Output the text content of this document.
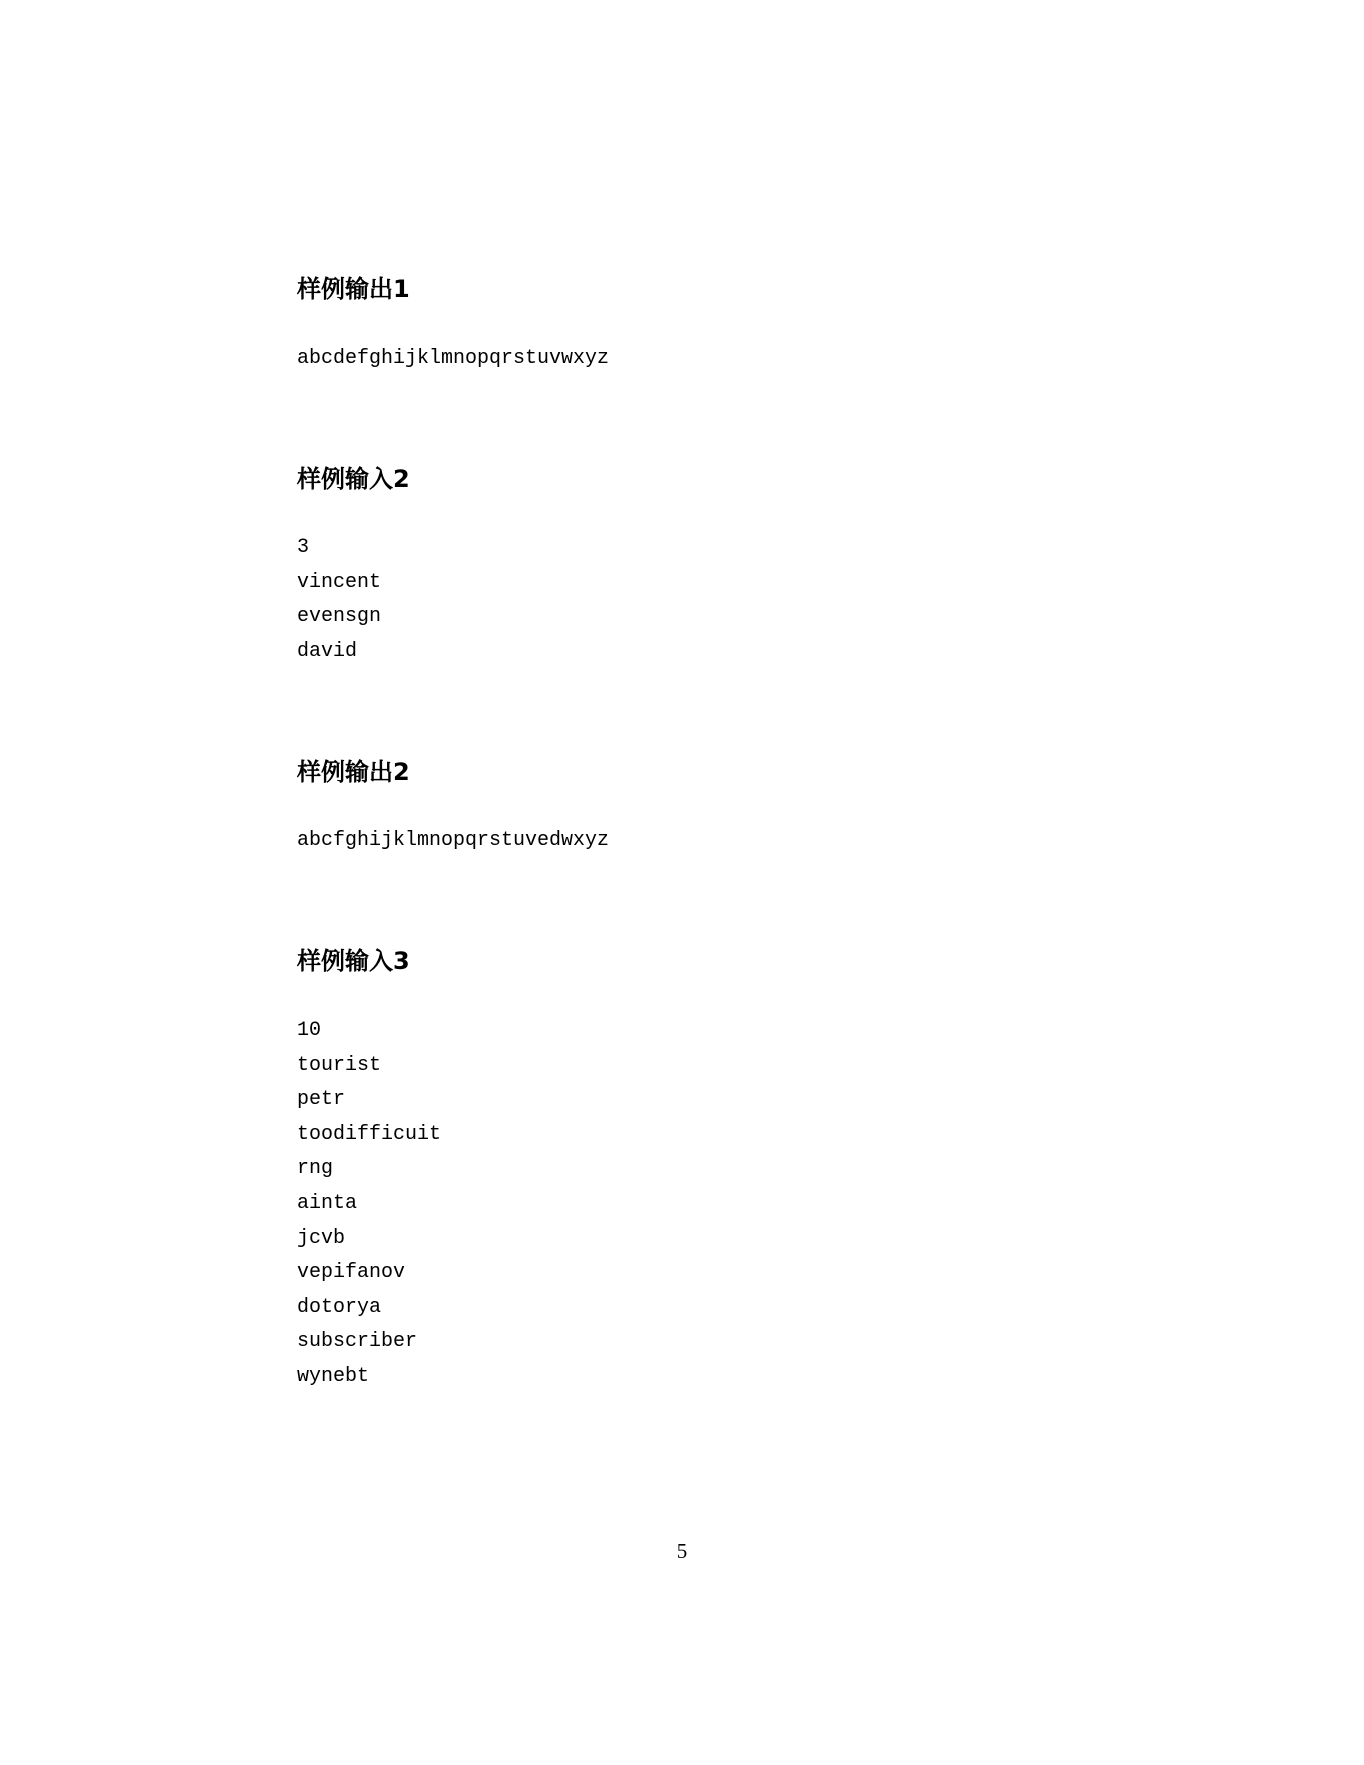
样例输出1
abcdefghijklmnopqrstuvwxyz
样例输入2
3
vincent
evensgn
david
样例输出2
abcfghijklmnopqrstuvedwxyz
样例输入3
10
tourist
petr
toodifficuit
rng
ainta
jcvb
vepifanov
dotorya
subscriber
wynebt
5
